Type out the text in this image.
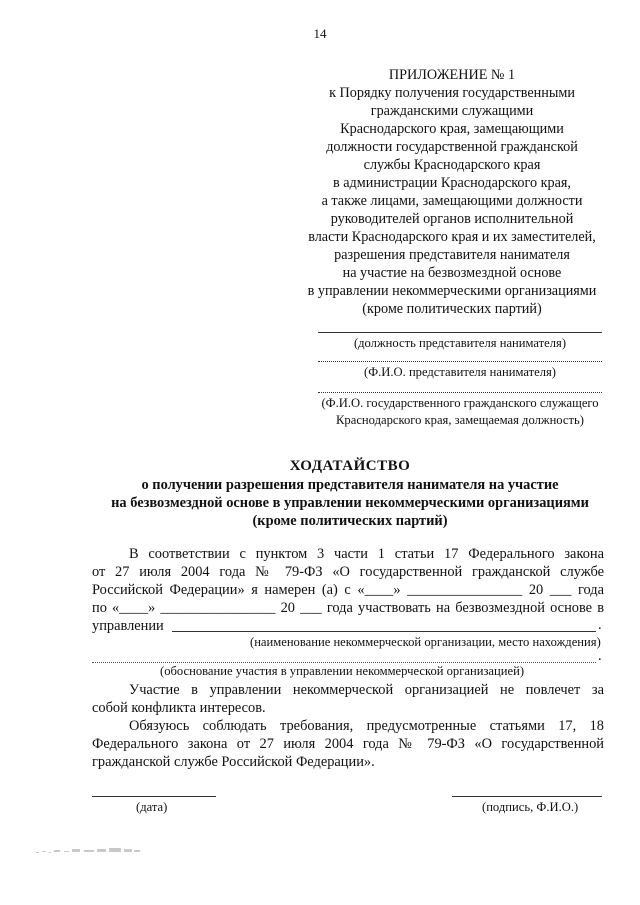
14
ПРИЛОЖЕНИЕ № 1
к Порядку получения государственными
гражданскими служащими
Краснодарского края, замещающими
должности государственной гражданской
службы Краснодарского края
в администрации Краснодарского края,
а также лицами, замещающими должности
руководителей органов исполнительной
власти Краснодарского края и их заместителей,
разрешения представителя нанимателя
на участие на безвозмездной основе
в управлении некоммерческими организациями
(кроме политических партий)
(должность представителя нанимателя)
(Ф.И.О. представителя нанимателя)
(Ф.И.О. государственного гражданского служащего
Краснодарского края, замещаемая должность)
ХОДАТАЙСТВО
о получении разрешения представителя нанимателя на участие
на безвозмездной основе в управлении некоммерческими организациями
(кроме политических партий)
В соответствии с пунктом 3 части 1 статьи 17 Федерального закона
от 27 июля 2004 года № 79-ФЗ «О государственной гражданской службе
Российской Федерации» я намерен (а) с «____» ________________ 20 ___ года
по «____» ________________ 20 ___ года участвовать на безвозмездной основе в
управлении	.
(наименование некоммерческой организации, место нахождения)
.
(обоснование участия в управлении некоммерческой организацией)
Участие в управлении некоммерческой организацией не повлечет за
собой конфликта интересов.
Обязуюсь соблюдать требования, предусмотренные статьями 17, 18
Федерального закона от 27 июля 2004 года № 79-ФЗ «О государственной
гражданской службе Российской Федерации».
(дата)	(подпись, Ф.И.О.)
